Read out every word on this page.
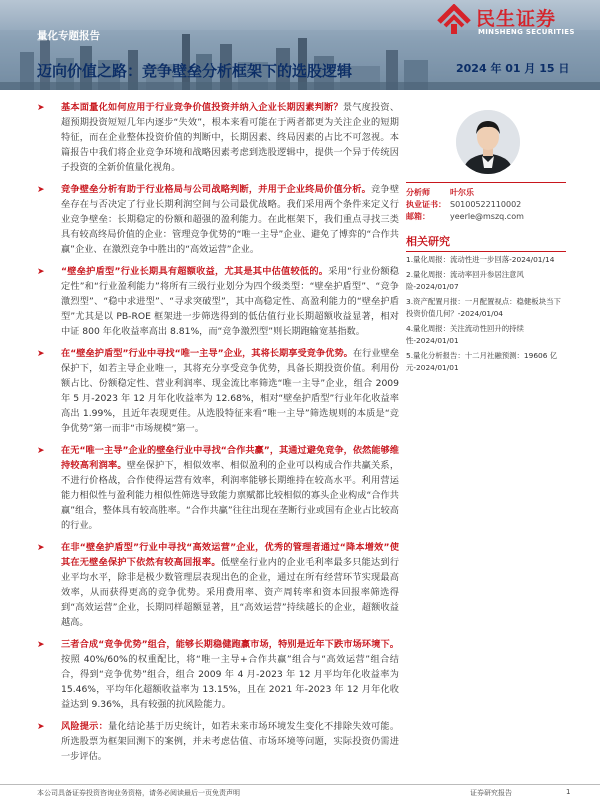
民生证券
MINSHENG SECURITIES
量化专题报告
迈向价值之路：竞争壁垒分析框架下的选股逻辑	2024 年 01 月 15 日
➤ 基本面量化如何应用于行业竞争价值投资并纳入企业长期因素判断？景气度投资、超预期投资短短几年内逐步“失效”，根本来看可能在于两者都更为关注企业的短期特征，而在企业整体投资价值的判断中，长期因素、终局因素的占比不可忽视。本篇报告中我们将企业竞争环境和战略因素考虑到选股逻辑中，提供一个异于传统因子投资的全新价值量化视角。
➤ 竞争壁垒分析有助于行业格局与公司战略判断，并用于企业终局价值分析。竞争壁垒存在与否决定了行业长期利润空间与公司最优战略。我们采用两个条件来定义行业竞争壁垒：长期稳定的份额和超强的盈利能力。在此框架下，我们重点寻找三类具有较高终局价值的企业：管理竞争优势的“唯一主导”企业、避免了博弈的“合作共赢”企业、在激烈竞争中胜出的“高效运营”企业。
➤ “壁垒护盾型”行业长期具有超额收益，尤其是其中估值较低的。采用“行业份额稳定性”和“行业盈利能力”将所有三级行业划分为四个级类型：“壁垒护盾型”、“竞争激烈型”、“稳中求进型”、“寻求突破型”，其中高稳定性、高盈利能力的“壁垒护盾型”尤其是以 PB-ROE 框架进一步筛选得到的低估值行业长期超额收益显著，相对中证 800 年化收益率高出 8.81%，而“竞争激烈型”则长期跑输宽基指数。
➤ 在“壁垒护盾型”行业中寻找“唯一主导”企业，其将长期享受竞争优势。在行业壁垒保护下，如若主导企业唯一，其将充分享受竞争优势，具备长期投资价值。利用份额占比、份额稳定性、营业利润率、现金流比率筛选“唯一主导”企业，组合 2009 年 5 月-2023 年 12 月年化收益率为 12.68%，相对“壁垒护盾型”行业年化收益率高出 1.99%，且近年表现更佳。从选股特征来看“唯一主导”筛选规则的本质是“竞争优势”第一而非“市场规模”第一。
➤ 在无“唯一主导”企业的壁垒行业中寻找“合作共赢”，其通过避免竞争，依然能够维持较高利润率。壁垒保护下，相似效率、相似盈利的企业可以构成合作共赢关系，不进行价格战，合作使得运营有效率，利润率能够长期维持在较高水平。利用营运能力相似性与盈利能力相似性筛选导致能力禀赋都比较相似的寡头企业构成“合作共赢”组合，整体具有较高胜率。“合作共赢”往往出现在垄断行业或国有企业占比较高的行业。
➤ 在非“壁垒护盾型”行业中寻找“高效运营”企业，优秀的管理者通过“降本增效”使其在无壁垒保护下依然有较高回报率。低壁垒行业内的企业毛利率最多只能达到行业平均水平，除非是极少数管理层表现出色的企业，通过在所有经营环节实现最高效率，从而获得更高的竞争优势。采用费用率、资产周转率和资本回报率筛选得到“高效运营”企业，长期同样超额显著，且“高效运营”持续越长的企业，超额收益越高。
➤ 三者合成“竞争优势”组合，能够长期稳健跑赢市场，特别是近年下跌市场环境下。按照 40%/60%的权重配比，将“唯一主导+合作共赢”组合与“高效运营”组合结合，得到“竞争优势”组合，组合 2009 年 4 月-2023 年 12 月平均年化收益率为 15.46%，平均年化超额收益率为 13.15%，且在 2021 年-2023 年 12 月年化收益达到 9.36%，具有较强的抗风险能力。
➤ 风险提示：量化结论基于历史统计，如若未来市场环境发生变化不排除失效可能。所选股票为框架回测下的案例，并未考虑估值、市场环境等问题，实际投资仍需进一步评估。
分析师	叶尔乐
执业证书： S0100522110002
邮箱：	yeerle@mszq.com
相关研究
1.量化周报：流动性进一步回落-2024/01/14
2.量化周报：流动率回升参居注意风险-2024/01/07
3.资产配置月报：一月配置视点：稳健板块当下投资价值几何？-2024/01/04
4.量化周报：关注流动性回升的持续性-2024/01/01
5.量化分析报告：十二月社融预测：19606 亿元-2024/01/01
本公司具备证券投资咨询业务资格，请务必阅读最后一页免责声明	证券研究报告	1
